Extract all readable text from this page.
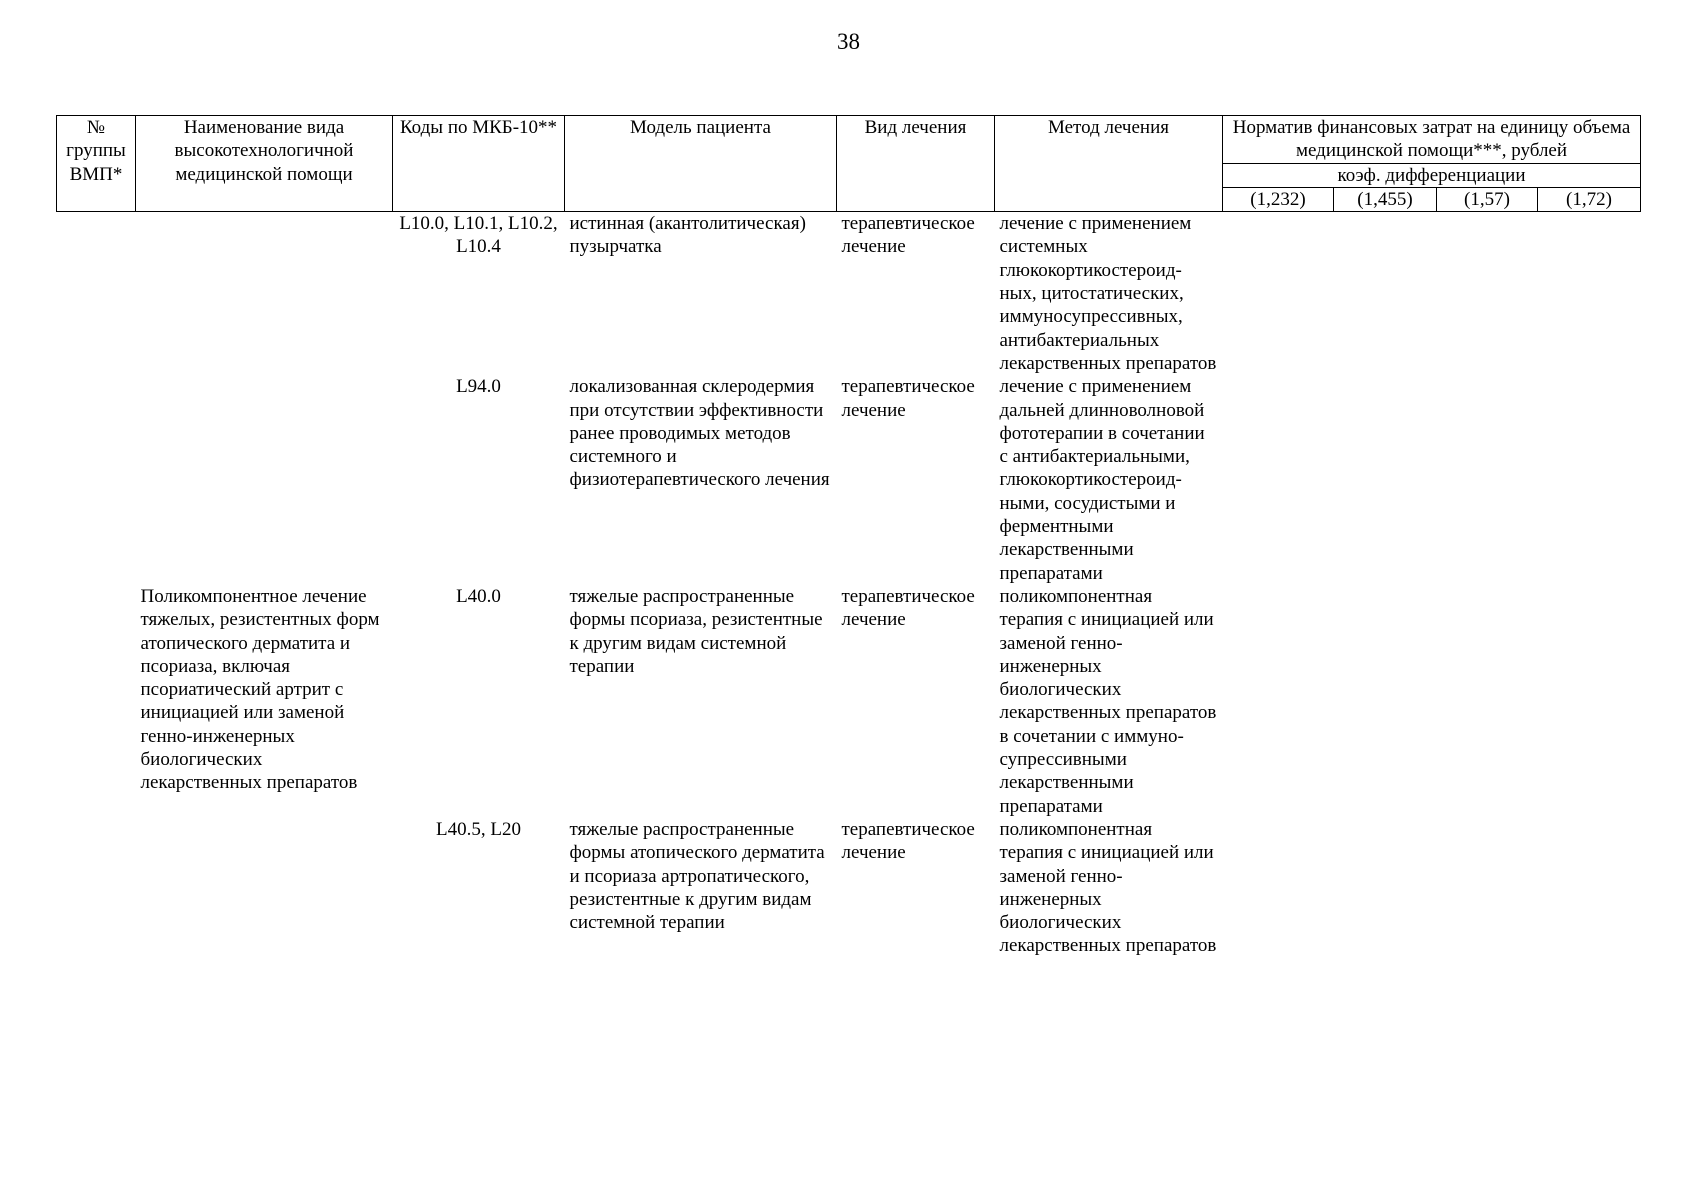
38
№ группы ВМП*	Наименование вида высокотехнологичной медицинской помощи	Коды по МКБ-10**	Модель пациента	Вид лечения	Метод лечения	Норматив финансовых затрат на единицу объема медицинской помощи***, рублей			
						коэф. дифференциации			
						(1,232)	(1,455)	(1,57)	(1,72)
		L10.0, L10.1, L10.2, L10.4	истинная (акантолитическая) пузырчатка	терапевтическое лечение	лечение с применением системных глюкокортикостероид-ных, цитостатических, иммуносупрессивных, антибактериальных лекарственных препаратов				
		L94.0	локализованная склеродермия при отсутствии эффективности ранее проводимых методов системного и физиотерапевтического лечения	терапевтическое лечение	лечение с применением дальней длинноволновой фототерапии в сочетании с антибактериальными, глюкокортикостероид-ными, сосудистыми и ферментными лекарственными препаратами				
	Поликомпонентное лечение тяжелых, резистентных форм атопического дерматита и псориаза, включая псориатический артрит с инициацией или заменой генно-инженерных биологических лекарственных препаратов	L40.0	тяжелые распространенные формы псориаза, резистентные к другим видам системной терапии	терапевтическое лечение	поликомпонентная терапия с инициацией или заменой генно-инженерных биологических лекарственных препаратов в сочетании с иммуно-супрессивными лекарственными препаратами				
		L40.5, L20	тяжелые распространенные формы атопического дерматита и псориаза артропатического, резистентные к другим видам системной терапии	терапевтическое лечение	поликомпонентная терапия с инициацией или заменой генно-инженерных биологических лекарственных препаратов				
